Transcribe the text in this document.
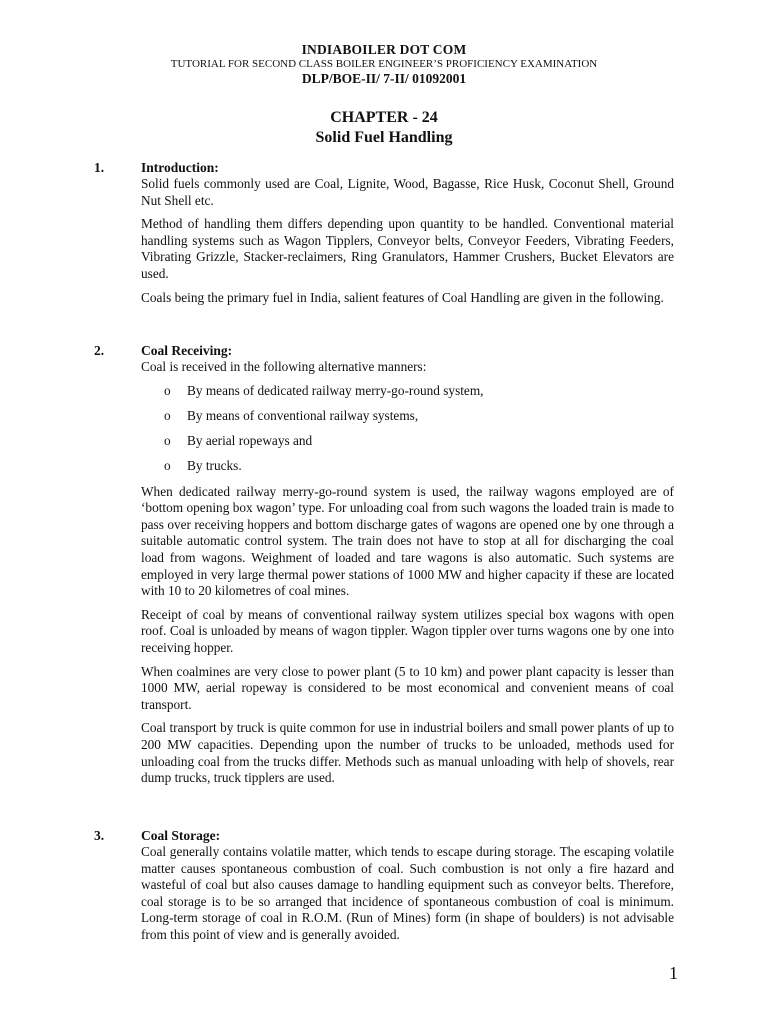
INDIABOILER DOT COM
TUTORIAL FOR SECOND CLASS BOILER ENGINEER’S PROFICIENCY EXAMINATION
DLP/BOE-II/ 7-II/ 01092001
CHAPTER - 24
Solid Fuel Handling
1.	Introduction:

Solid fuels commonly used are Coal, Lignite, Wood, Bagasse, Rice Husk, Coconut Shell, Ground Nut Shell etc.

Method of handling them differs depending upon quantity to be handled. Conventional material handling systems such as Wagon Tipplers, Conveyor belts, Conveyor Feeders, Vibrating Feeders, Vibrating Grizzle, Stacker-reclaimers, Ring Granulators, Hammer Crushers, Bucket Elevators are used.

Coals being the primary fuel in India, salient features of Coal Handling are given in the following.

2.	Coal Receiving:

Coal is received in the following alternative manners:

o By means of dedicated railway merry-go-round system,
o By means of conventional railway systems,
o By aerial ropeways and
o By trucks.

When dedicated railway merry-go-round system is used, the railway wagons employed are of ‘bottom opening box wagon’ type. For unloading coal from such wagons the loaded train is made to pass over receiving hoppers and bottom discharge gates of wagons are opened one by one through a suitable automatic control system. The train does not have to stop at all for discharging the coal load from wagons. Weighment of loaded and tare wagons is also automatic. Such systems are employed in very large thermal power stations of 1000 MW and higher capacity if these are located with 10 to 20 kilometres of coal mines.

Receipt of coal by means of conventional railway system utilizes special box wagons with open roof. Coal is unloaded by means of wagon tippler. Wagon tippler over turns wagons one by one into receiving hopper.

When coalmines are very close to power plant (5 to 10 km) and power plant capacity is lesser than 1000 MW, aerial ropeway is considered to be most economical and convenient means of coal transport.

Coal transport by truck is quite common for use in industrial boilers and small power plants of up to 200 MW capacities. Depending upon the number of trucks to be unloaded, methods used for unloading coal from the trucks differ. Methods such as manual unloading with help of shovels, rear dump trucks, truck tipplers are used.

3.	Coal Storage:

Coal generally contains volatile matter, which tends to escape during storage. The escaping volatile matter causes spontaneous combustion of coal. Such combustion is not only a fire hazard and wasteful of coal but also causes damage to handling equipment such as conveyor belts. Therefore, coal storage is to be so arranged that incidence of spontaneous combustion of coal is minimum. Long-term storage of coal in R.O.M. (Run of Mines) form (in shape of boulders) is not advisable from this point of view and is generally avoided.

1
